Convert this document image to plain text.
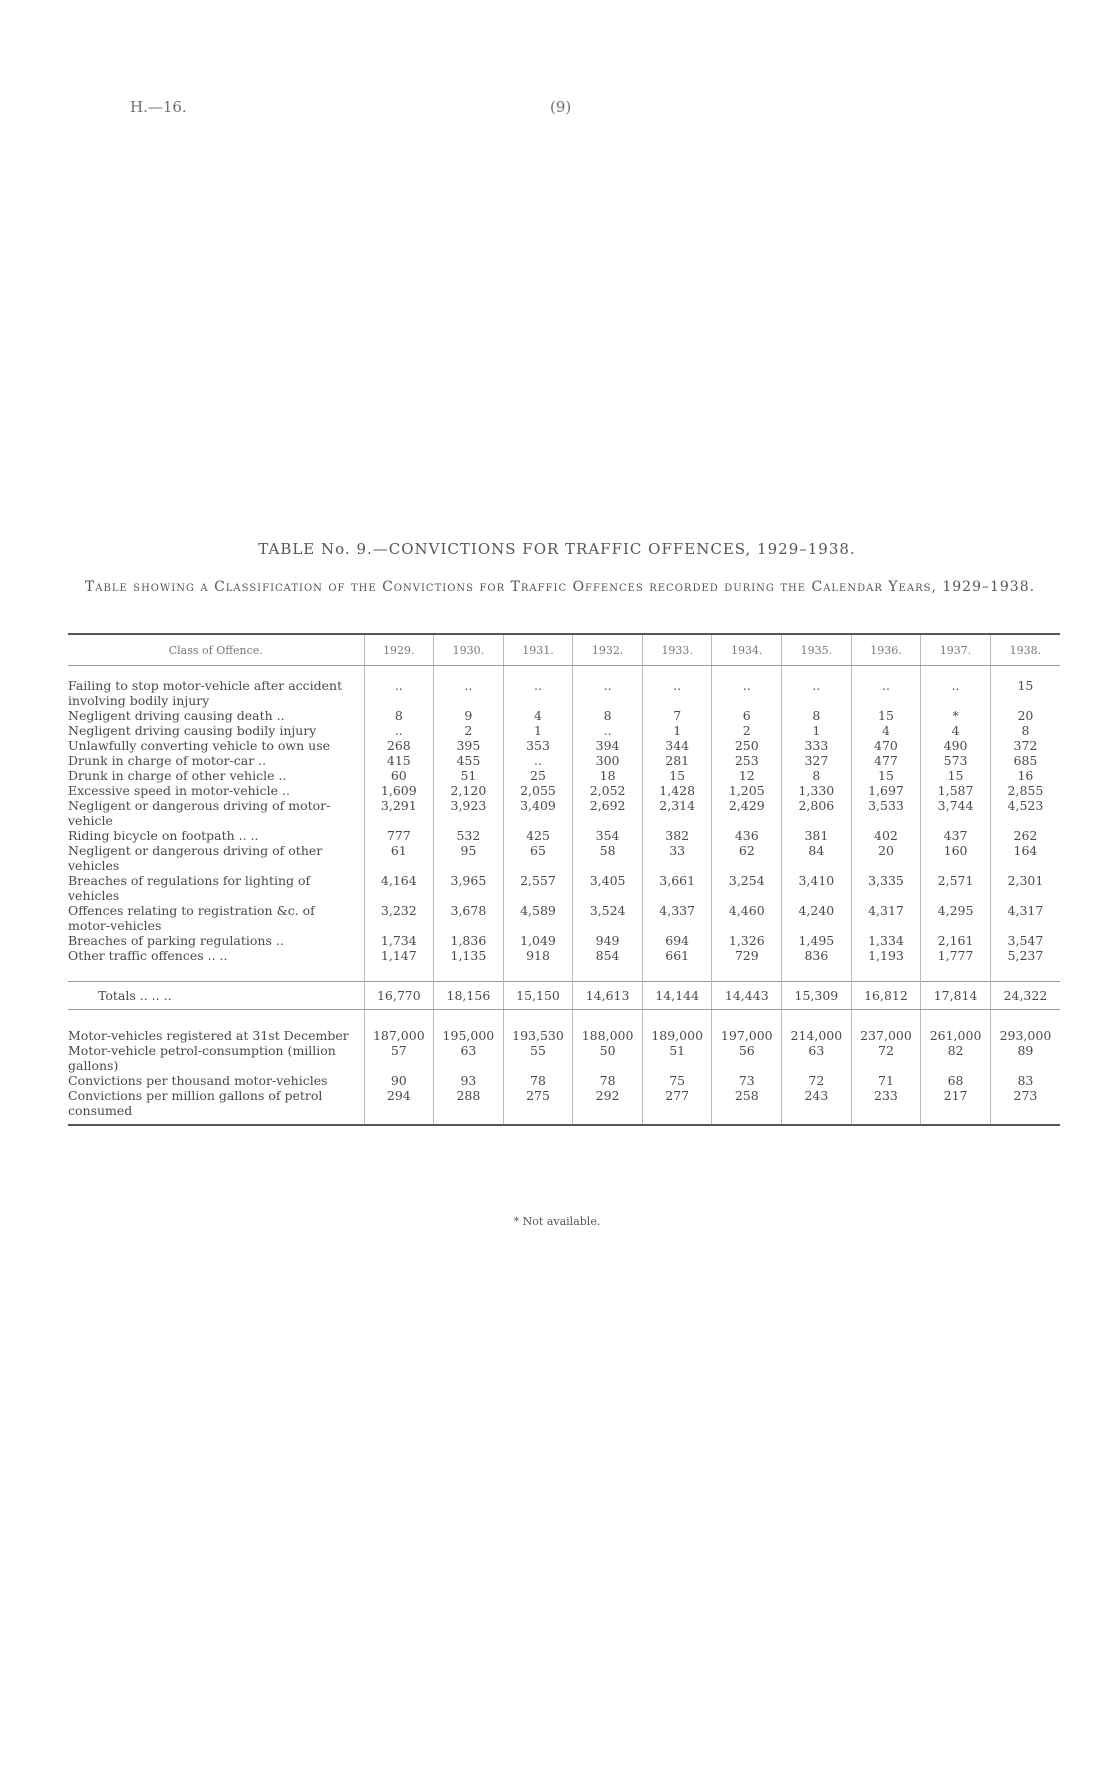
H.—16.	(9)
TABLE No. 9.—CONVICTIONS FOR TRAFFIC OFFENCES, 1929–1938.
Table showing a Classification of the Convictions for Traffic Offences recorded during the Calendar Years, 1929–1938.
Class of Offence.	1929.	1930.	1931.	1932.	1933.	1934.	1935.	1936.	1937.	1938.

Failing to stop motor-vehicle after accident involving bodily injury	..	..	..	..	..	..	..	..	..	15
Negligent driving causing death ..	8	9	4	8	7	6	8	15	*	20
Negligent driving causing bodily injury	..	2	1	..	1	2	1	4	4	8
Unlawfully converting vehicle to own use	268	395	353	394	344	250	333	470	490	372
Drunk in charge of motor-car ..	415	455	..	300	281	253	327	477	573	685
Drunk in charge of other vehicle ..	60	51	25	18	15	12	8	15	15	16
Excessive speed in motor-vehicle ..	1,609	2,120	2,055	2,052	1,428	1,205	1,330	1,697	1,587	2,855
Negligent or dangerous driving of motor-vehicle	3,291	3,923	3,409	2,692	2,314	2,429	2,806	3,533	3,744	4,523
Riding bicycle on footpath .. ..	777	532	425	354	382	436	381	402	437	262
Negligent or dangerous driving of other vehicles	61	95	65	58	33	62	84	20	160	164
Breaches of regulations for lighting of vehicles	4,164	3,965	2,557	3,405	3,661	3,254	3,410	3,335	2,571	2,301
Offences relating to registration &c. of motor-vehicles	3,232	3,678	4,589	3,524	4,337	4,460	4,240	4,317	4,295	4,317
Breaches of parking regulations ..	1,734	1,836	1,049	949	694	1,326	1,495	1,334	2,161	3,547
Other traffic offences .. ..	1,147	1,135	918	854	661	729	836	1,193	1,777	5,237

Totals .. .. ..	16,770	18,156	15,150	14,613	14,144	14,443	15,309	16,812	17,814	24,322

Motor-vehicles registered at 31st December	187,000	195,000	193,530	188,000	189,000	197,000	214,000	237,000	261,000	293,000
Motor-vehicle petrol-consumption (million gallons)	57	63	55	50	51	56	63	72	82	89
Convictions per thousand motor-vehicles	90	93	78	78	75	73	72	71	68	83
Convictions per million gallons of petrol consumed	294	288	275	292	277	258	243	233	217	273
* Not available.
